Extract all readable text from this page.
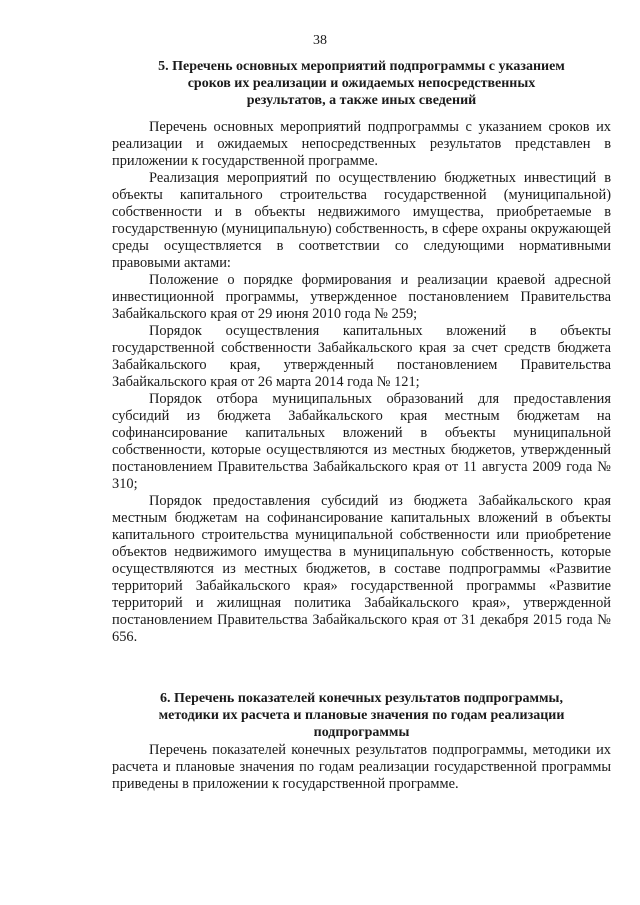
38
5. Перечень основных мероприятий подпрограммы с указанием
сроков их реализации и ожидаемых непосредственных
результатов, а также иных сведений

Перечень основных мероприятий подпрограммы с указанием сроков их реализации и ожидаемых непосредственных результатов представлен в приложении к государственной программе.

Реализация мероприятий по осуществлению бюджетных инвестиций в объекты капитального строительства государственной (муниципальной) собственности и в объекты недвижимого имущества, приобретаемые в государственную (муниципальную) собственность, в сфере охраны окружающей среды осуществляется в соответствии со следующими нормативными правовыми актами:

Положение о порядке формирования и реализации краевой адресной инвестиционной программы, утвержденное постановлением Правительства Забайкальского края от 29 июня 2010 года № 259;

Порядок осуществления капитальных вложений в объекты государственной собственности Забайкальского края за счет средств бюджета Забайкальского края, утвержденный постановлением Правительства Забайкальского края от 26 марта 2014 года № 121;

Порядок отбора муниципальных образований для предоставления субсидий из бюджета Забайкальского края местным бюджетам на софинансирование капитальных вложений в объекты муниципальной собственности, которые осуществляются из местных бюджетов, утвержденный постановлением Правительства Забайкальского края от 11 августа 2009 года № 310;

Порядок предоставления субсидий из бюджета Забайкальского края местным бюджетам на софинансирование капитальных вложений в объекты капитального строительства муниципальной собственности или приобретение объектов недвижимого имущества в муниципальную собственность, которые осуществляются из местных бюджетов, в составе подпрограммы «Развитие территорий Забайкальского края» государственной программы «Развитие территорий и жилищная политика Забайкальского края», утвержденной постановлением Правительства Забайкальского края от 31 декабря 2015 года № 656.

6. Перечень показателей конечных результатов подпрограммы,
методики их расчета и плановые значения по годам реализации
подпрограммы

Перечень показателей конечных результатов подпрограммы, методики их расчета и плановые значения по годам реализации государственной программы приведены в приложении к государственной программе.
